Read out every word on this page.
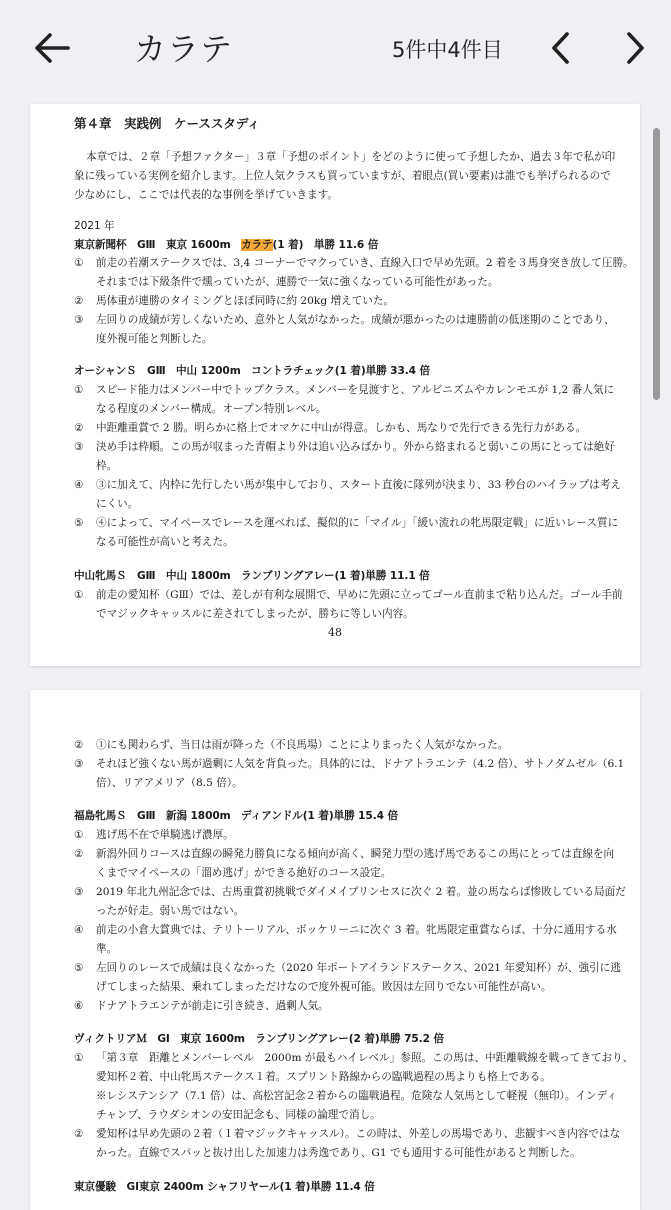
カラテ	5件中4件目
第４章　実践例　ケーススタディ
本章では、２章「予想ファクター」３章「予想のポイント」をどのように使って予想したか、過去３年で私が印
象に残っている実例を紹介します。上位人気クラスも買っていますが、着眼点(買い要素)は誰でも挙げられるので
少なめにし、ここでは代表的な事例を挙げていきます。
2021 年
東京新聞杯　GⅢ　東京 1600m　カラテ(1 着)　単勝 11.6 倍
① 前走の若潮ステークスでは、3,4 コーナーでマクっていき、直線入口で早め先頭。2 着を３馬身突き放して圧勝。
それまでは下級条件で燻っていたが、連勝で一気に強くなっている可能性があった。
② 馬体重が連勝のタイミングとほぼ同時に約 20kg 増えていた。
③ 左回りの成績が芳しくないため、意外と人気がなかった。成績が悪かったのは連勝前の低迷期のことであり、
度外視可能と判断した。
オーシャンＳ　GⅢ　中山 1200m　コントラチェック(1 着)単勝 33.4 倍
① スピード能力はメンバー中でトップクラス。メンバーを見渡すと、アルビニズムやカレンモエが 1,2 番人気に
なる程度のメンバー構成。オープン特別レベル。
② 中距離重賞で 2 勝。明らかに格上でオマケに中山が得意。しかも、馬なりで先行できる先行力がある。
③ 決め手は枠順。この馬が収まった青帽より外は追い込みばかり。外から絡まれると弱いこの馬にとっては絶好
枠。
④ ③に加えて、内枠に先行したい馬が集中しており、スタート直後に隊列が決まり、33 秒台のハイラップは考え
にくい。
⑤ ④によって、マイペースでレースを運べれば、擬似的に「マイル」「緩い流れの牝馬限定戦」に近いレース質に
なる可能性が高いと考えた。
中山牝馬Ｓ　GⅢ　中山 1800m　ランブリングアレー(1 着)単勝 11.1 倍
① 前走の愛知杯（GⅢ）では、差しが有利な展開で、早めに先頭に立ってゴール直前まで粘り込んだ。ゴール手前
でマジックキャッスルに差されてしまったが、勝ちに等しい内容。
48
② ①にも関わらず、当日は雨が降った（不良馬場）ことによりまったく人気がなかった。
③ それほど強くない馬が過剰に人気を背負った。具体的には、ドナアトラエンテ（4.2 倍）、サトノダムゼル（6.1
倍）、リアアメリア（8.5 倍）。
福島牝馬Ｓ　GⅢ　新潟 1800m　ディアンドル(1 着)単勝 15.4 倍
① 逃げ馬不在で単騎逃げ濃厚。
② 新潟外回りコースは直線の瞬発力勝負になる傾向が高く、瞬発力型の逃げ馬であるこの馬にとっては直線を向
くまでマイペースの「溜め逃げ」ができる絶好のコース設定。
③ 2019 年北九州記念では、古馬重賞初挑戦でダイメイプリンセスに次ぐ 2 着。並の馬ならば惨敗している局面だ
ったが好走。弱い馬ではない。
④ 前走の小倉大賞典では、テリトーリアル、ボッケリーニに次ぐ 3 着。牝馬限定重賞ならば、十分に通用する水
準。
⑤ 左回りのレースで成績は良くなかった（2020 年ポートアイランドステークス、2021 年愛知杯）が、強引に逃
げてしまった結果、乗れてしまっただけなので度外視可能。敗因は左回りでない可能性が高い。
⑥ ドナアトラエンテが前走に引き続き、過剰人気。
ヴィクトリアＭ　GⅠ　東京 1600m　ランブリングアレー(2 着)単勝 75.2 倍
① 「第３章　距離とメンバーレベル　2000m が最もハイレベル」参照。この馬は、中距離戦線を戦ってきており、
愛知杯２着、中山牝馬ステークス１着。スプリント路線からの臨戦過程の馬よりも格上である。
※レシステンシア（7.1 倍）は、高松宮記念２着からの臨戦過程。危険な人気馬として軽視（無印）。インディ
チャンプ、ラウダシオンの安田記念も、同様の論理で消し。
② 愛知杯は早め先頭の２着（１着マジックキャッスル）。この時は、外差しの馬場であり、悲観すべき内容ではな
かった。直線でスパッと抜け出した加速力は秀逸であり、G1 でも通用する可能性があると判断した。
東京優駿　GⅠ東京 2400m シャフリヤール(1 着)単勝 11.4 倍
